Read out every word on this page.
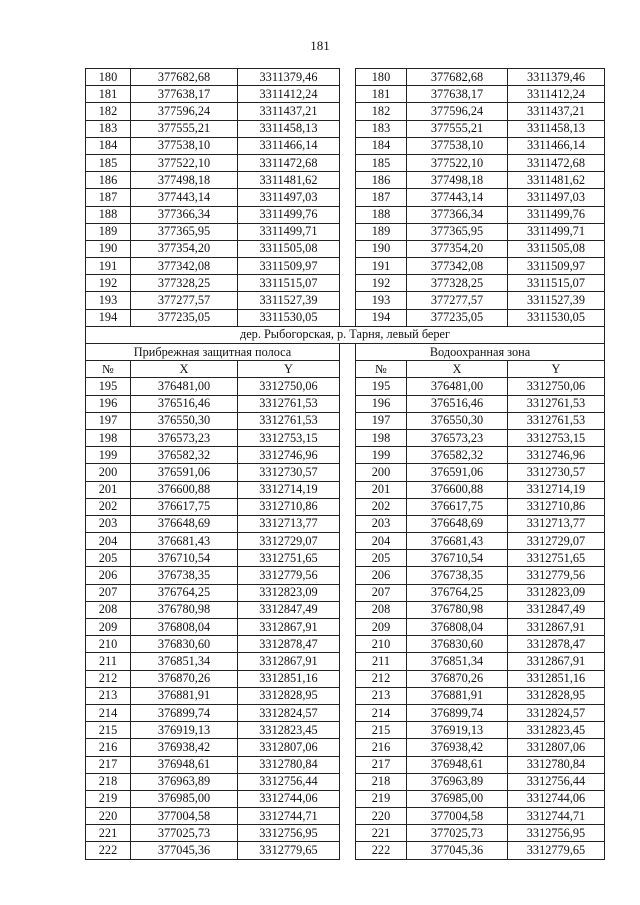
181
180	377682,68	3311379,46		180	377682,68	3311379,46
181	377638,17	3311412,24		181	377638,17	3311412,24
182	377596,24	3311437,21		182	377596,24	3311437,21
183	377555,21	3311458,13		183	377555,21	3311458,13
184	377538,10	3311466,14		184	377538,10	3311466,14
185	377522,10	3311472,68		185	377522,10	3311472,68
186	377498,18	3311481,62		186	377498,18	3311481,62
187	377443,14	3311497,03		187	377443,14	3311497,03
188	377366,34	3311499,76		188	377366,34	3311499,76
189	377365,95	3311499,71		189	377365,95	3311499,71
190	377354,20	3311505,08		190	377354,20	3311505,08
191	377342,08	3311509,97		191	377342,08	3311509,97
192	377328,25	3311515,07		192	377328,25	3311515,07
193	377277,57	3311527,39		193	377277,57	3311527,39
194	377235,05	3311530,05		194	377235,05	3311530,05
дер. Рыбогорская, р. Тарня, левый берег						
Прибрежная защитная полоса				Водоохранная зона		
№	X	Y		№	X	Y
195	376481,00	3312750,06		195	376481,00	3312750,06
196	376516,46	3312761,53		196	376516,46	3312761,53
197	376550,30	3312761,53		197	376550,30	3312761,53
198	376573,23	3312753,15		198	376573,23	3312753,15
199	376582,32	3312746,96		199	376582,32	3312746,96
200	376591,06	3312730,57		200	376591,06	3312730,57
201	376600,88	3312714,19		201	376600,88	3312714,19
202	376617,75	3312710,86		202	376617,75	3312710,86
203	376648,69	3312713,77		203	376648,69	3312713,77
204	376681,43	3312729,07		204	376681,43	3312729,07
205	376710,54	3312751,65		205	376710,54	3312751,65
206	376738,35	3312779,56		206	376738,35	3312779,56
207	376764,25	3312823,09		207	376764,25	3312823,09
208	376780,98	3312847,49		208	376780,98	3312847,49
209	376808,04	3312867,91		209	376808,04	3312867,91
210	376830,60	3312878,47		210	376830,60	3312878,47
211	376851,34	3312867,91		211	376851,34	3312867,91
212	376870,26	3312851,16		212	376870,26	3312851,16
213	376881,91	3312828,95		213	376881,91	3312828,95
214	376899,74	3312824,57		214	376899,74	3312824,57
215	376919,13	3312823,45		215	376919,13	3312823,45
216	376938,42	3312807,06		216	376938,42	3312807,06
217	376948,61	3312780,84		217	376948,61	3312780,84
218	376963,89	3312756,44		218	376963,89	3312756,44
219	376985,00	3312744,06		219	376985,00	3312744,06
220	377004,58	3312744,71		220	377004,58	3312744,71
221	377025,73	3312756,95		221	377025,73	3312756,95
222	377045,36	3312779,65		222	377045,36	3312779,65
